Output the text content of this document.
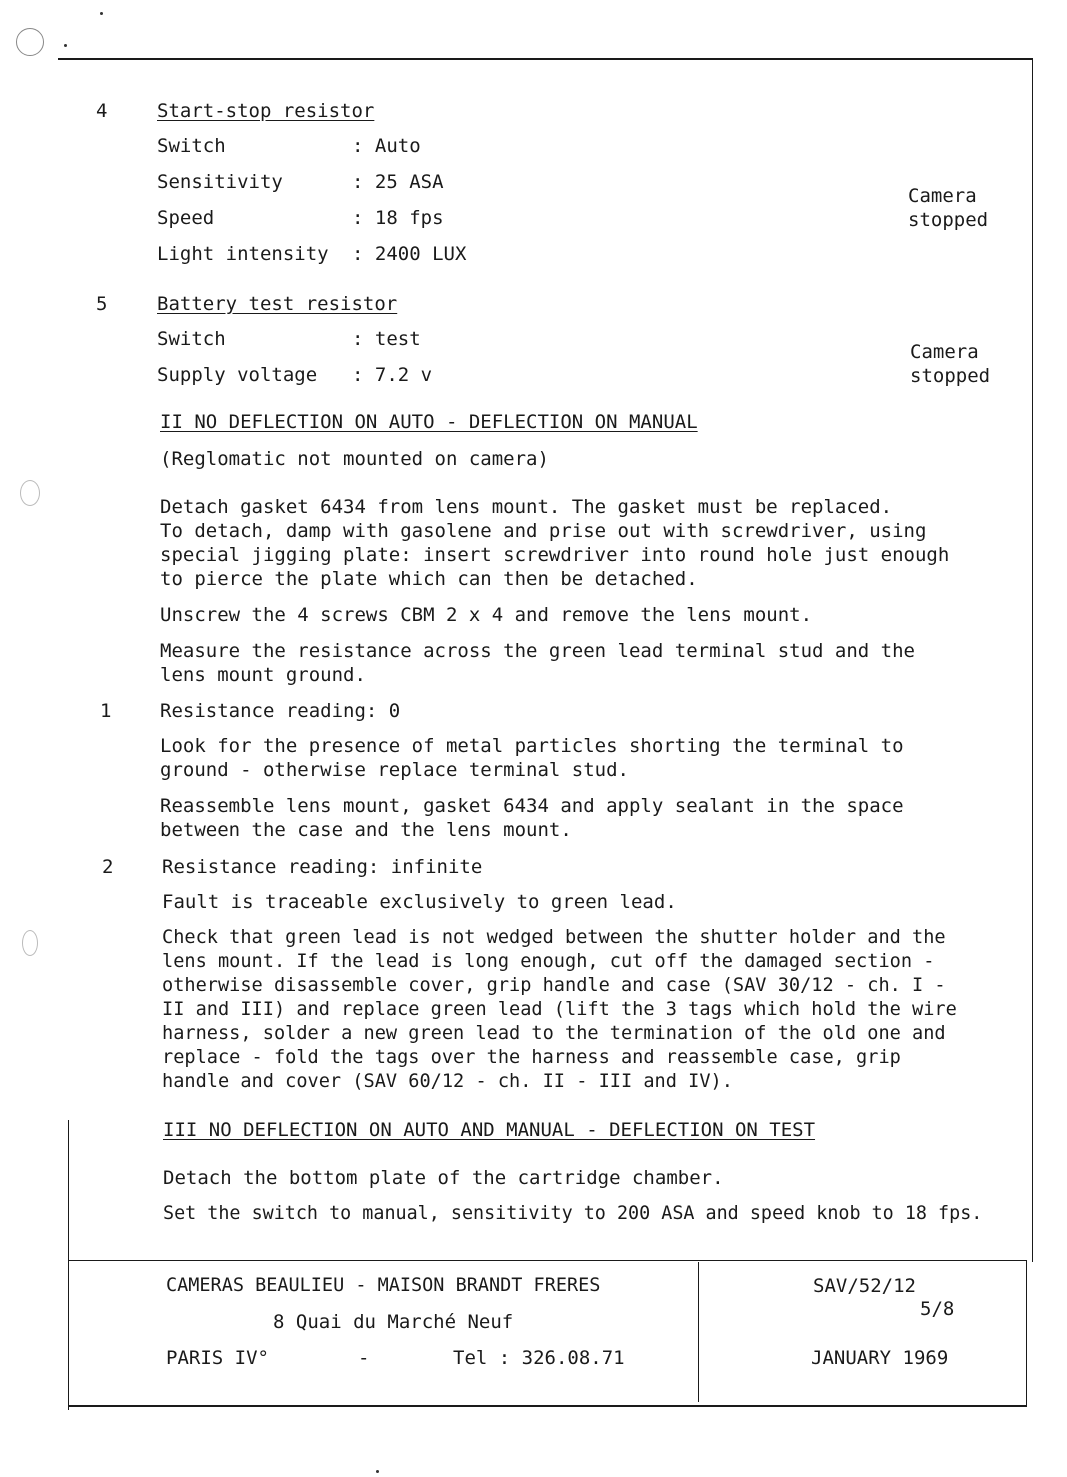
4	Start-stop resistor
Switch	: Auto
Sensitivity	: 25 ASA
Speed	: 18 fps
Light intensity : 2400 LUX
Camera
stopped
5	Battery test resistor
Switch	: test
Supply voltage : 7.2 v
Camera
stopped
II NO DEFLECTION ON AUTO - DEFLECTION ON MANUAL
(Reglomatic not mounted on camera)
Detach gasket 6434 from lens mount. The gasket must be replaced.
To detach, damp with gasolene and prise out with screwdriver, using
special jigging plate: insert screwdriver into round hole just enough
to pierce the plate which can then be detached.
Unscrew the 4 screws CBM 2 x 4 and remove the lens mount.
Measure the resistance across the green lead terminal stud and the
lens mount ground.
1	Resistance reading: 0
Look for the presence of metal particles shorting the terminal to
ground - otherwise replace terminal stud.
Reassemble lens mount, gasket 6434 and apply sealant in the space
between the case and the lens mount.
2	Resistance reading: infinite
Fault is traceable exclusively to green lead.
Check that green lead is not wedged between the shutter holder and the
lens mount. If the lead is long enough, cut off the damaged section -
otherwise disassemble cover, grip handle and case (SAV 30/12 - ch. I -
II and III) and replace green lead (lift the 3 tags which hold the wire
harness, solder a new green lead to the termination of the old one and
replace - fold the tags over the harness and reassemble case, grip
handle and cover (SAV 60/12 - ch. II - III and IV).
III NO DEFLECTION ON AUTO AND MANUAL - DEFLECTION ON TEST
Detach the bottom plate of the cartridge chamber.
Set the switch to manual, sensitivity to 200 ASA and speed knob to 18 fps.
CAMERAS BEAULIEU - MAISON BRANDT FRERES
8 Quai du Marché Neuf
PARIS IV°	-	Tel : 326.08.71
SAV/52/12
5/8
JANUARY 1969
